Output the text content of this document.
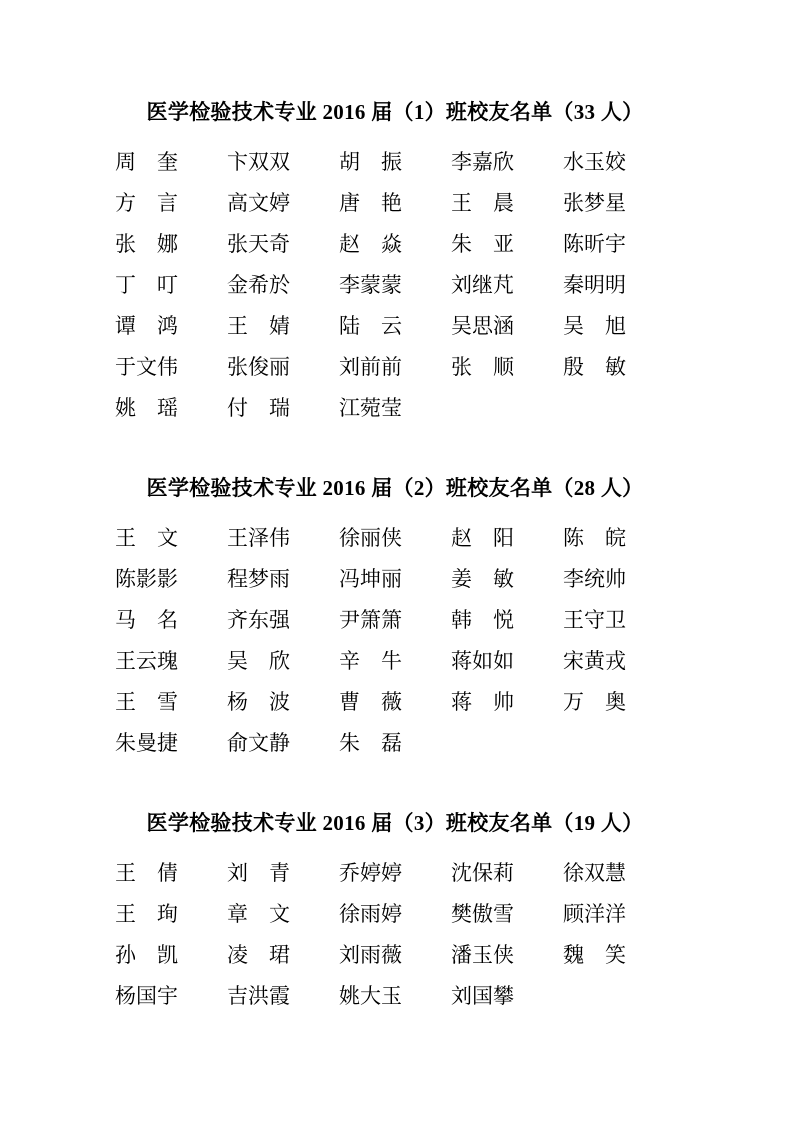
医学检验技术专业 2016 届（1）班校友名单（33 人）
周 奎 卞 双 双 胡 振 李 嘉 欣 水 玉 姣
方 言 高 文 婷 唐 艳 王 晨 张 梦 星
张 娜 张 天 奇 赵 焱 朱 亚 陈 昕 宇
丁 叮 金 希 於 李 蒙 蒙 刘 继 芃 秦 明 明
谭 鸿 王 婧 陆 云 吴 思 涵 吴 旭
于 文 伟 张 俊 丽 刘 前 前 张 顺 殷 敏
姚 瑶 付 瑞 江 菀 莹
医学检验技术专业 2016 届（2）班校友名单（28 人）
王 文 王 泽 伟 徐 丽 侠 赵 阳 陈 皖
陈 影 影 程 梦 雨 冯 坤 丽 姜 敏 李 统 帅
马 名 齐 东 强 尹 箫 箫 韩 悦 王 守 卫
王 云 瑰 吴 欣 辛 牛 蒋 如 如 宋 黄 戎
王 雪 杨 波 曹 薇 蒋 帅 万 奥
朱 曼 捷 俞 文 静 朱 磊
医学检验技术专业 2016 届（3）班校友名单（19 人）
王 倩 刘 青 乔 婷 婷 沈 保 莉 徐 双 慧
王 珣 章 文 徐 雨 婷 樊 傲 雪 顾 洋 洋
孙 凯 凌 珺 刘 雨 薇 潘 玉 侠 魏 笑
杨 国 宇 吉 洪 霞 姚 大 玉 刘 国 攀
